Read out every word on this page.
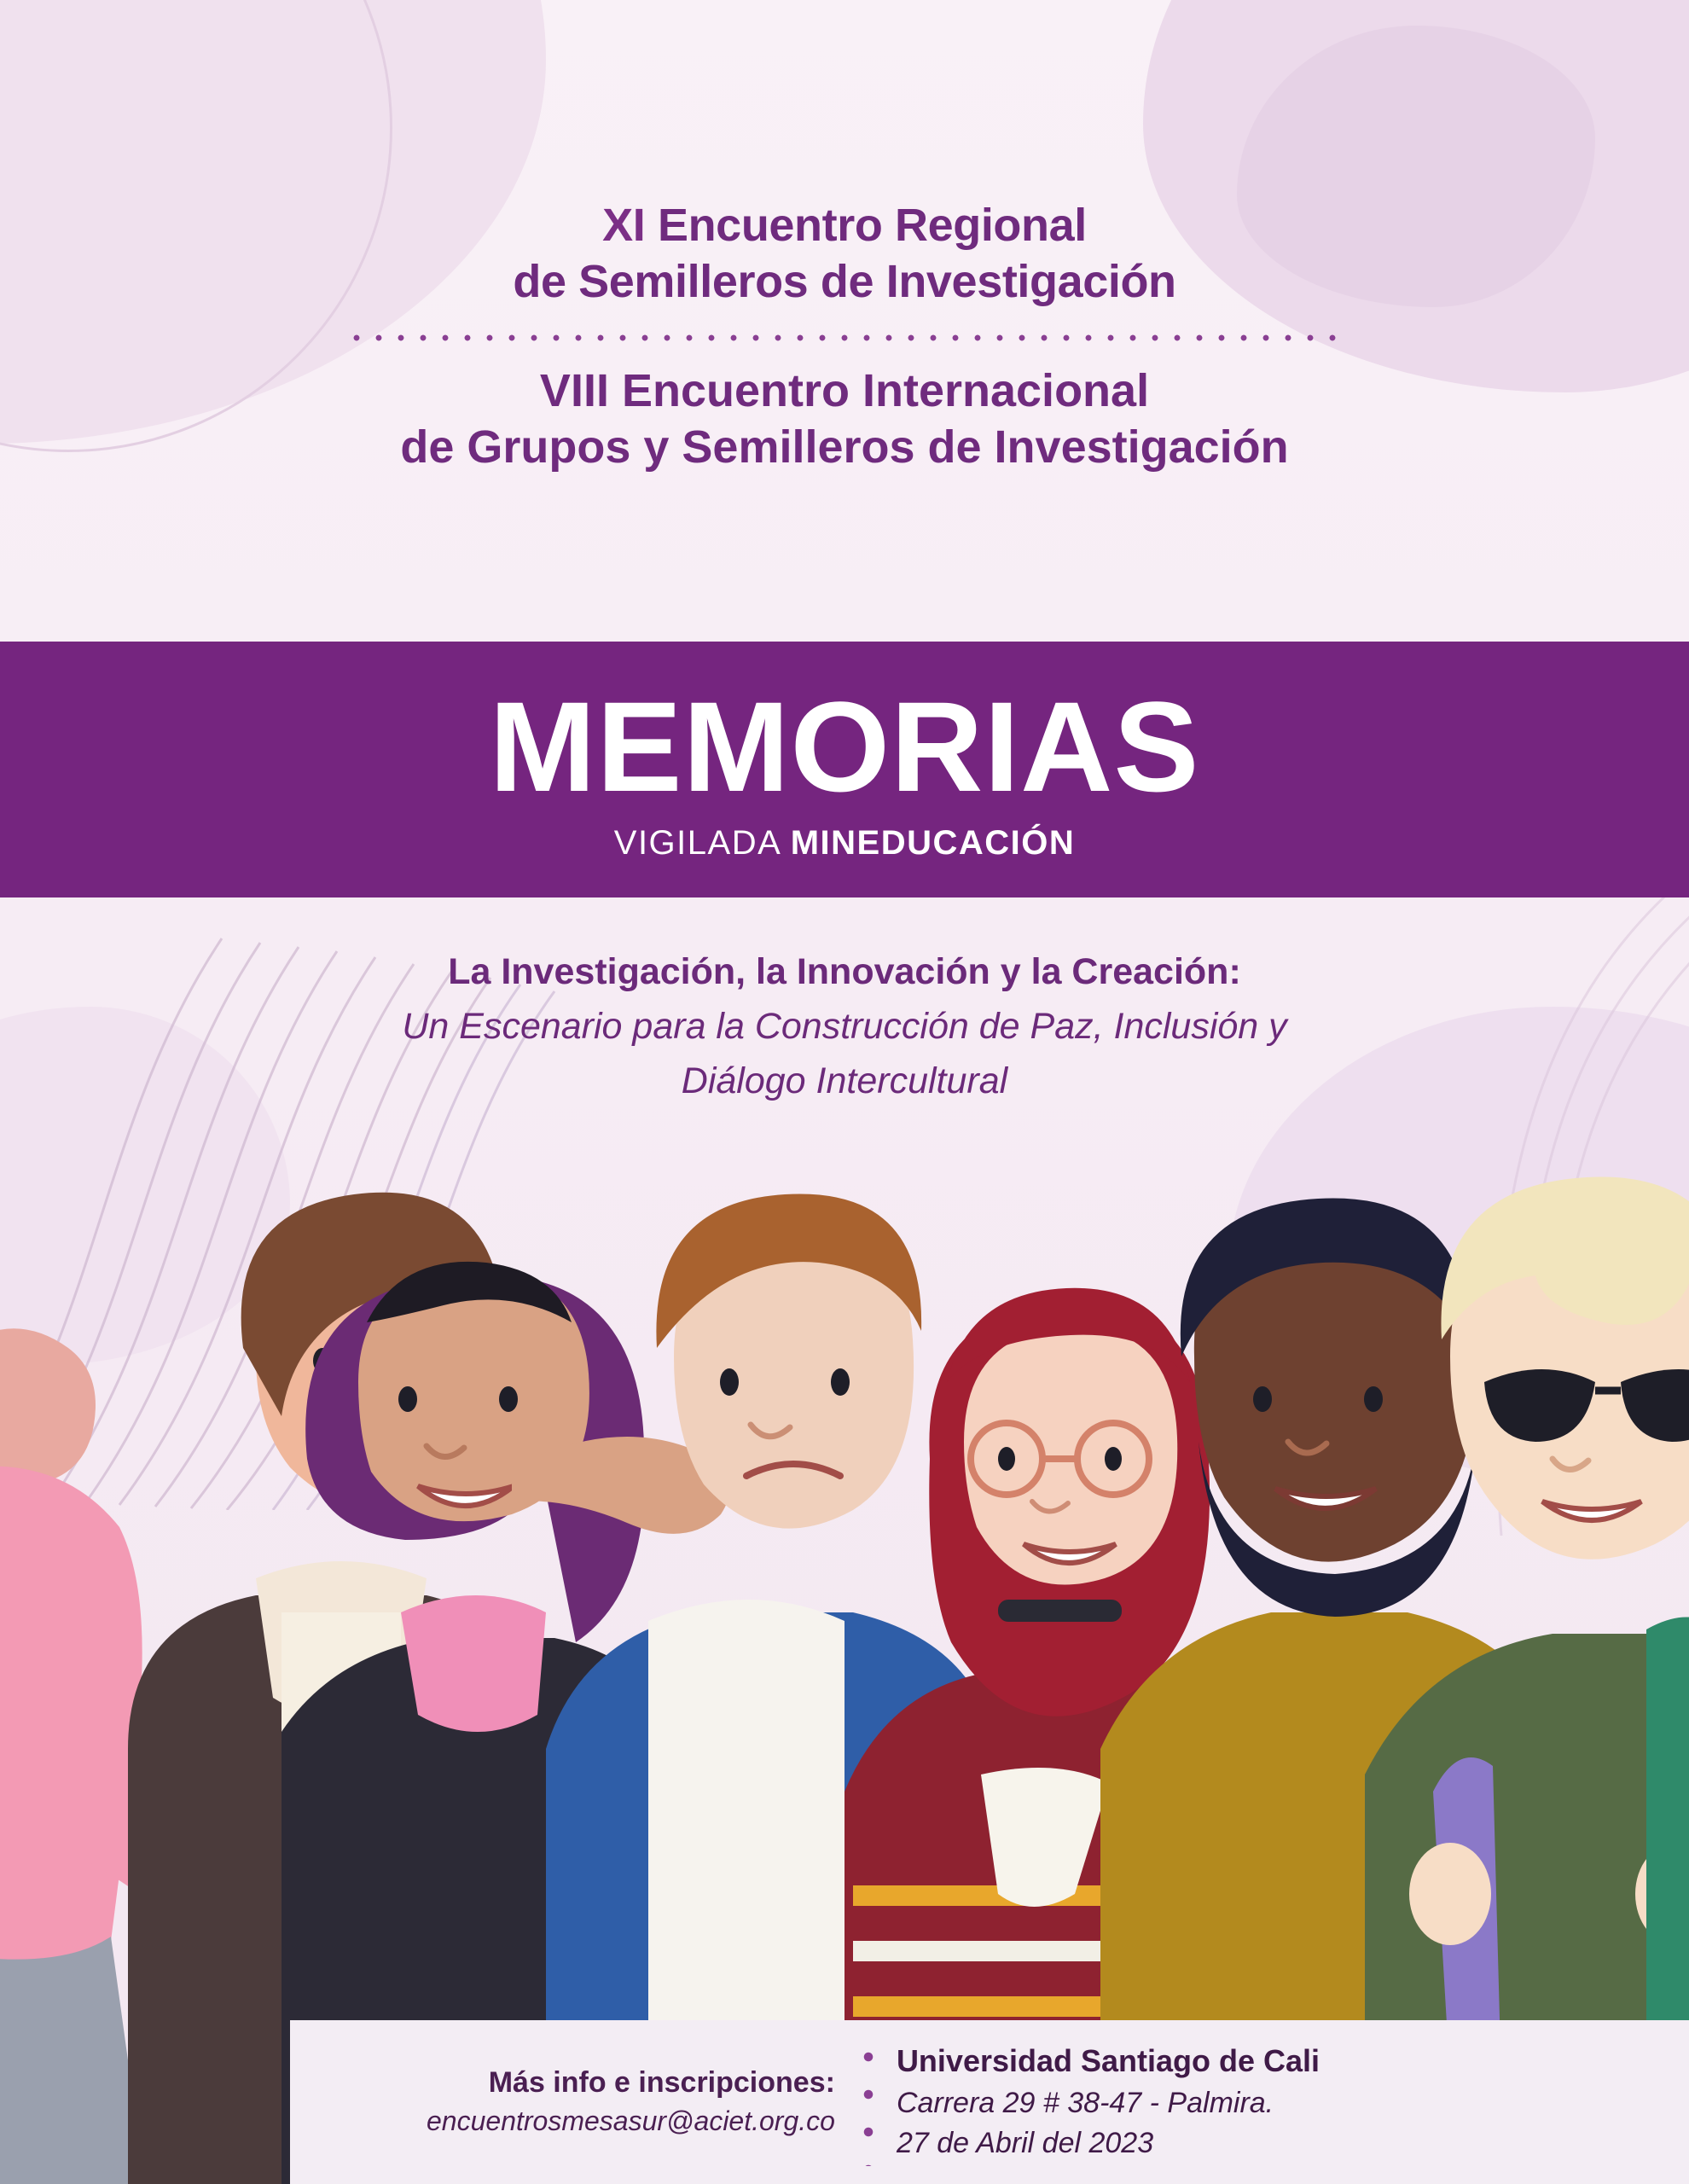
XI Encuentro Regional
de Semilleros de Investigación
VIII Encuentro Internacional
de Grupos y Semilleros de Investigación
MEMORIAS
VIGILADA MINEDUCACIÓN
La Investigación, la Innovación y la Creación:
Un Escenario para la Construcción de Paz, Inclusión y
Diálogo Intercultural
Más info e inscripciones:
encuentrosmesasur@aciet.org.co
Universidad Santiago de Cali
Carrera 29 # 38-47 - Palmira.
27 de Abril del 2023
